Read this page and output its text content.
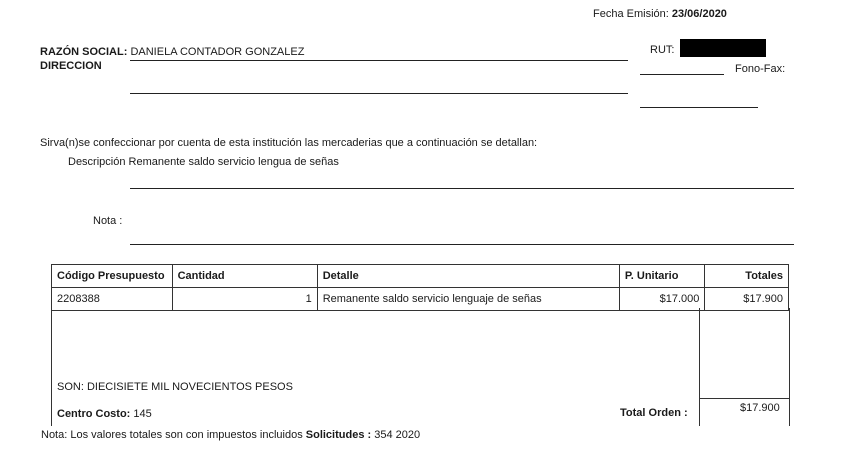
Fecha Emisión: 23/06/2020
RAZÓN SOCIAL: DANIELA CONTADOR GONZALEZ
DIRECCION
RUT:
Fono-Fax:
Sirva(n)se confeccionar por cuenta de esta institución las mercaderias que a continuación se detallan:
Descripción Remanente saldo servicio lengua de señas
Nota :
Código Presupuesto	Cantidad	Detalle	P. Unitario	Totales
2208388	1	Remanente saldo servicio lenguaje de señas	$17.000	$17.900
SON: DIECISIETE MIL NOVECIENTOS PESOS
Centro Costo: 145	Total Orden :	$17.900
Nota: Los valores totales son con impuestos incluidos Solicitudes : 354 2020
